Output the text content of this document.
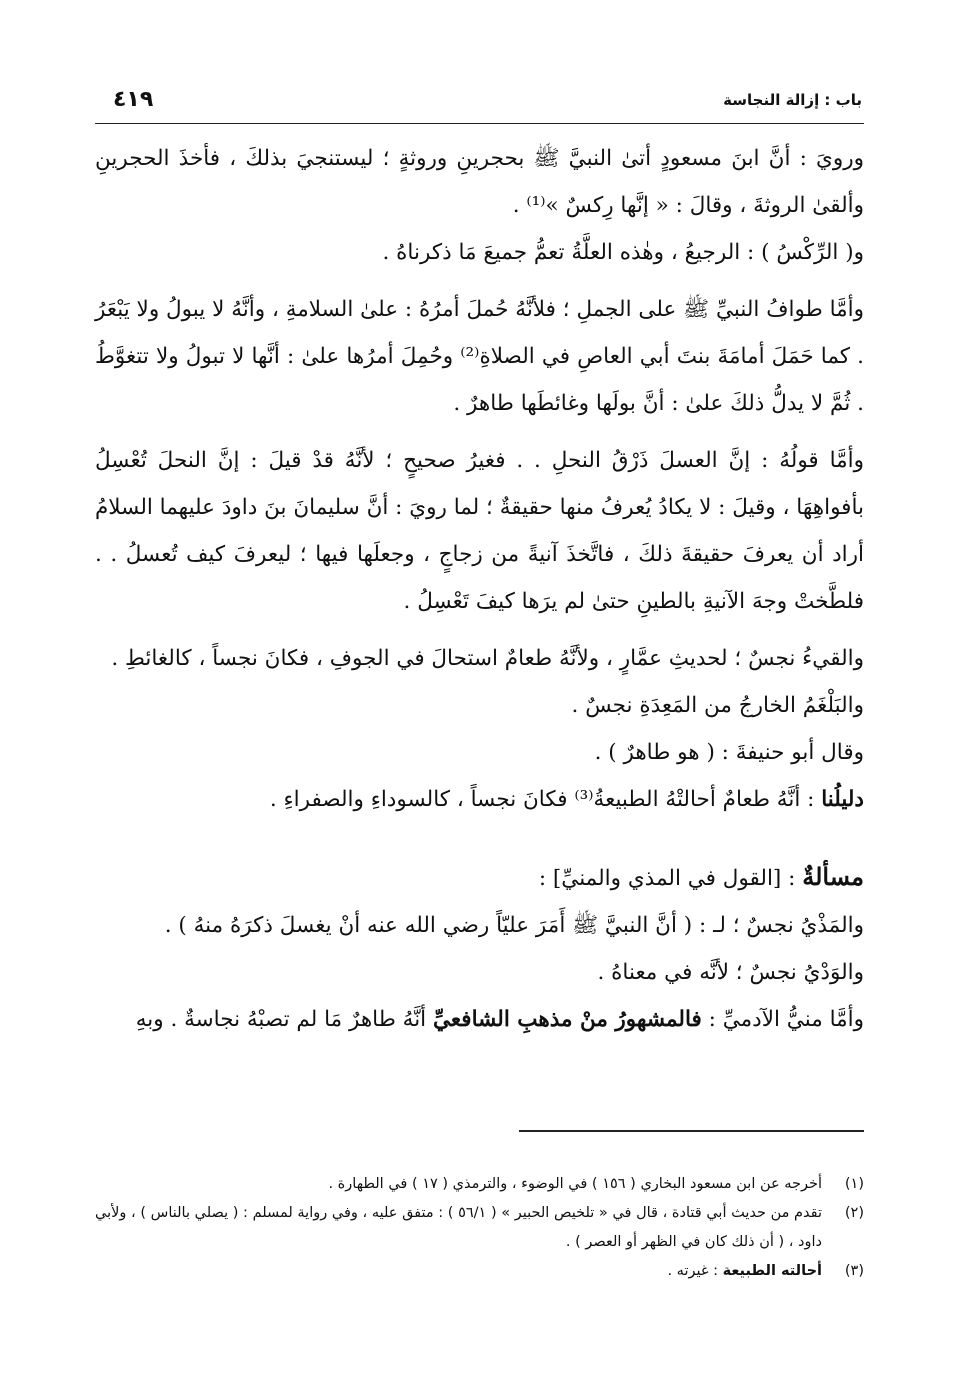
باب : إزالة النجاسة
٤١٩

ورويَ : أنَّ ابنَ مسعودٍ أتىٰ النبيَّ ﷺ بحجرينِ وروثةٍ ؛ ليستنجيَ بذلكَ ، فأخذَ الحجرينِ وألقىٰ الروثةَ ، وقالَ : « إنَّها رِكسٌ »⁽¹⁾ .

و( الرِّكْسُ ) : الرجيعُ ، وهٰذه العلَّةُ تعمُّ جميعَ مَا ذكرناهُ .

وأمَّا طوافُ النبيِّ ﷺ على الجملِ ؛ فلأنَّهُ حُملَ أمرُهُ : علىٰ السلامةِ ، وأنَّهُ لا يبولُ ولا يَبْعَرُ . كما حَمَلَ أمامَةَ بنتَ أبي العاصِ في الصلاةِ⁽²⁾ وحُمِلَ أمرُها علىٰ : أنَّها لا تبولُ ولا تتغوَّطُ . ثُمَّ لا يدلُّ ذلكَ علىٰ : أنَّ بولَها وغائطَها طاهرٌ .

وأمَّا قولُهُ : إنَّ العسلَ ذَرْقُ النحلِ . . فغيرُ صحيحٍ ؛ لأنَّهُ قدْ قيلَ : إنَّ النحلَ تُعْسِلُ بأفواهِهَا ، وقيلَ : لا يكادُ يُعرفُ منها حقيقةٌ ؛ لما رويَ : أنَّ سليمانَ بنَ داودَ عليهما السلامُ أراد أن يعرفَ حقيقةَ ذلكَ ، فاتَّخذَ آنيةً من زجاجٍ ، وجعلَها فيها ؛ ليعرفَ كيف تُعسلُ . . فلطَّختْ وجهَ الآنيةِ بالطينِ حتىٰ لم يرَها كيفَ تَعْسِلُ .

والقيءُ نجسٌ ؛ لحديثِ عمَّارٍ ، ولأنَّهُ طعامٌ استحالَ في الجوفِ ، فكانَ نجساً ، كالغائطِ .

والبَلْغَمُ الخارجُ من المَعِدَةِ نجسٌ .

وقال أبو حنيفةَ : ( هو طاهرٌ ) .

دليلُنا : أنَّهُ طعامٌ أحالتْهُ الطبيعةُ⁽³⁾ فكانَ نجساً ، كالسوداءِ والصفراءِ .

مسألةٌ : [القول في المذي والمنيِّ] :

والمَذْيُ نجسٌ ؛ لـ : ( أنَّ النبيَّ ﷺ أَمَرَ عليّاً رضي الله عنه أنْ يغسلَ ذكرَهُ منهُ ) .

والوَدْيُ نجسٌ ؛ لأنَّه في معناهُ .

وأمَّا منيُّ الآدميِّ : فالمشهورُ منْ مذهبِ الشافعيِّ أنَّهُ طاهرٌ مَا لم تصبْهُ نجاسةٌ . وبهِ

(١)
أخرجه عن ابن مسعود البخاري ( ١٥٦ ) في الوضوء ، والترمذي ( ١٧ ) في الطهارة .
(٢)
تقدم من حديث أبي قتادة ، قال في « تلخيص الحبير » ( ٥٦/١ ) : متفق عليه ، وفي رواية لمسلم : ( يصلي بالناس ) ، ولأبي داود ، ( أن ذلك كان في الظهر أو العصر ) .
(٣)
أحالته الطبيعة : غيرته .
